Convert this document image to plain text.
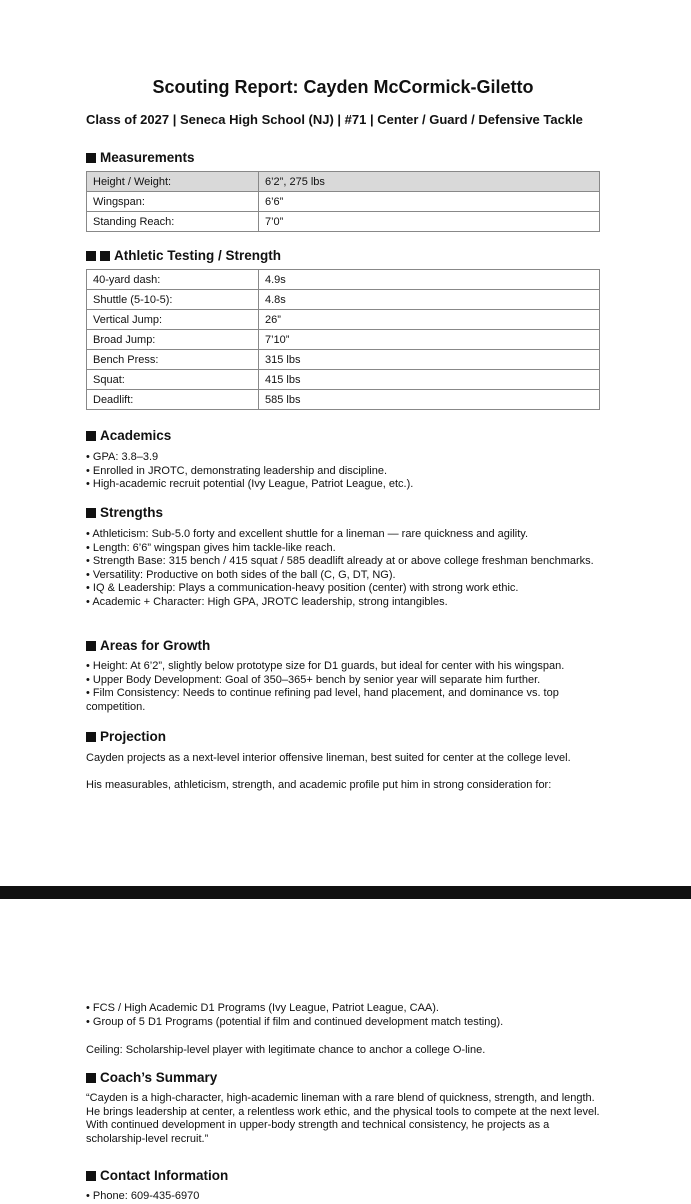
Scouting Report: Cayden McCormick-Giletto
Class of 2027 | Seneca High School (NJ) | #71 | Center / Guard / Defensive Tackle
Measurements
Height / Weight:	6’2”, 275 lbs
Wingspan:	6’6”
Standing Reach:	7’0”
Athletic Testing / Strength
40-yard dash:	4.9s
Shuttle (5-10-5):	4.8s
Vertical Jump:	26”
Broad Jump:	7’10”
Bench Press:	315 lbs
Squat:	415 lbs
Deadlift:	585 lbs
Academics
• GPA: 3.8–3.9
• Enrolled in JROTC, demonstrating leadership and discipline.
• High-academic recruit potential (Ivy League, Patriot League, etc.).
Strengths
• Athleticism: Sub-5.0 forty and excellent shuttle for a lineman — rare quickness and agility.
• Length: 6’6” wingspan gives him tackle-like reach.
• Strength Base: 315 bench / 415 squat / 585 deadlift already at or above college freshman benchmarks.
• Versatility: Productive on both sides of the ball (C, G, DT, NG).
• IQ & Leadership: Plays a communication-heavy position (center) with strong work ethic.
• Academic + Character: High GPA, JROTC leadership, strong intangibles.
Areas for Growth
• Height: At 6’2”, slightly below prototype size for D1 guards, but ideal for center with his wingspan.
• Upper Body Development: Goal of 350–365+ bench by senior year will separate him further.
• Film Consistency: Needs to continue refining pad level, hand placement, and dominance vs. top competition.
Projection

Cayden projects as a next-level interior offensive lineman, best suited for center at the college level.

His measurables, athleticism, strength, and academic profile put him in strong consideration for:

• FCS / High Academic D1 Programs (Ivy League, Patriot League, CAA).
• Group of 5 D1 Programs (potential if film and continued development match testing).

Ceiling: Scholarship-level player with legitimate chance to anchor a college O-line.

Coach’s Summary

“Cayden is a high-character, high-academic lineman with a rare blend of quickness, strength, and length. He brings leadership at center, a relentless work ethic, and the physical tools to compete at the next level. With continued development in upper-body strength and technical consistency, he projects as a scholarship-level recruit.”

Contact Information
• Phone: 609-435-6970
